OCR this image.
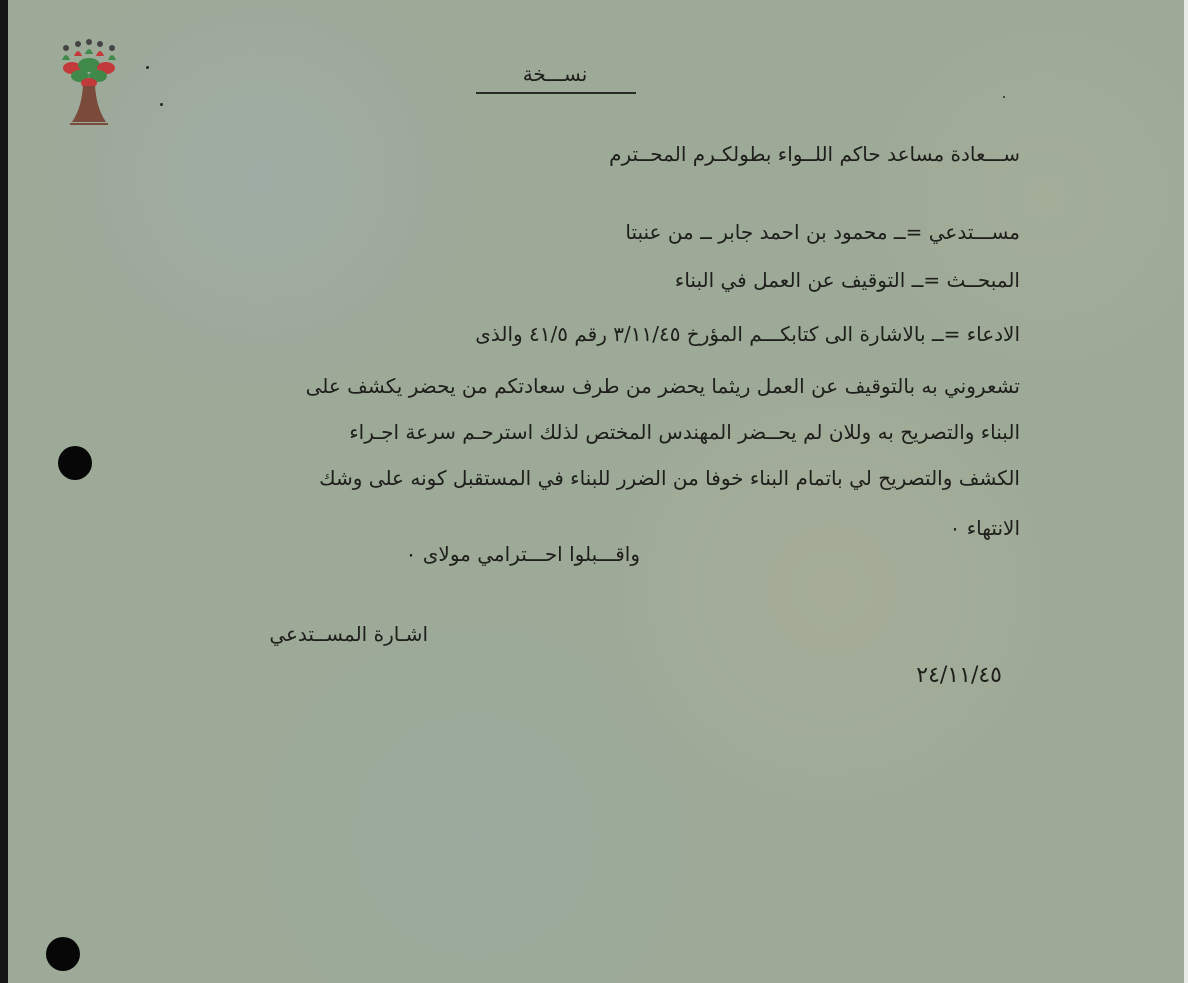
نســـخة
ســـعادة مساعد حاكم اللــواء بطولكـرم المحــترم
مســـتدعي =ــ محمود بن احمد جابر ــ من عنبتا
المبحــث =ــ التوقيف عن العمل في البناء
الادعاء =ــ بالاشارة الى كتابكـــم المؤرخ ٣/١١/٤٥ رقم ٤١/٥ والذى
تشعروني به بالتوقيف عن العمل ريثما يحضر من طرف سعادتكم من يحضر يكشف على
البناء والتصريح به وللان لم يحــضر المهندس المختص لذلك استرحـم سرعة اجـراء
الكشف والتصريح لي باتمام البناء خوفا من الضرر للبناء في المستقبل كونه على وشك
الانتهاء ٠
واقـــبلوا احـــترامي مولاى ٠
اشـارة المســتدعي
٢٤/١١/٤٥
